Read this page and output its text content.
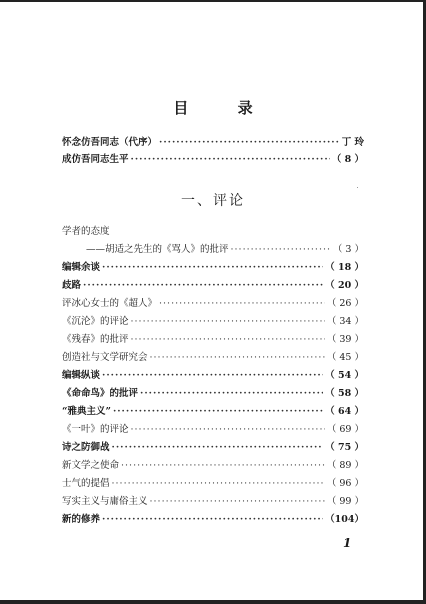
目 录
怀念仿吾同志（代序） ·····	丁 玲
成仿吾同志生平 ·····	（ 8 ）
一、评论
学者的态度
——胡适之先生的《骂人》的批评 ·····	（ 3 ）
编辑余谈 ·····	（ 18 ）
歧路 ·····	（ 20 ）
评冰心女士的《超人》 ·····	（ 26 ）
《沉沦》的评论 ·····	（ 34 ）
《残春》的批评 ·····	（ 39 ）
创造社与文学研究会 ·····	（ 45 ）
编辑纵谈 ·····	（ 54 ）
《命命鸟》的批评 ·····	（ 58 ）
“雅典主义” ·····	（ 64 ）
《一叶》的评论 ·····	（ 69 ）
诗之防御战 ·····	（ 75 ）
新文学之使命 ·····	（ 89 ）
士气的提倡 ·····	（ 96 ）
写实主义与庸俗主义 ·····	（ 99 ）
新的修养 ·····	（104）
1
